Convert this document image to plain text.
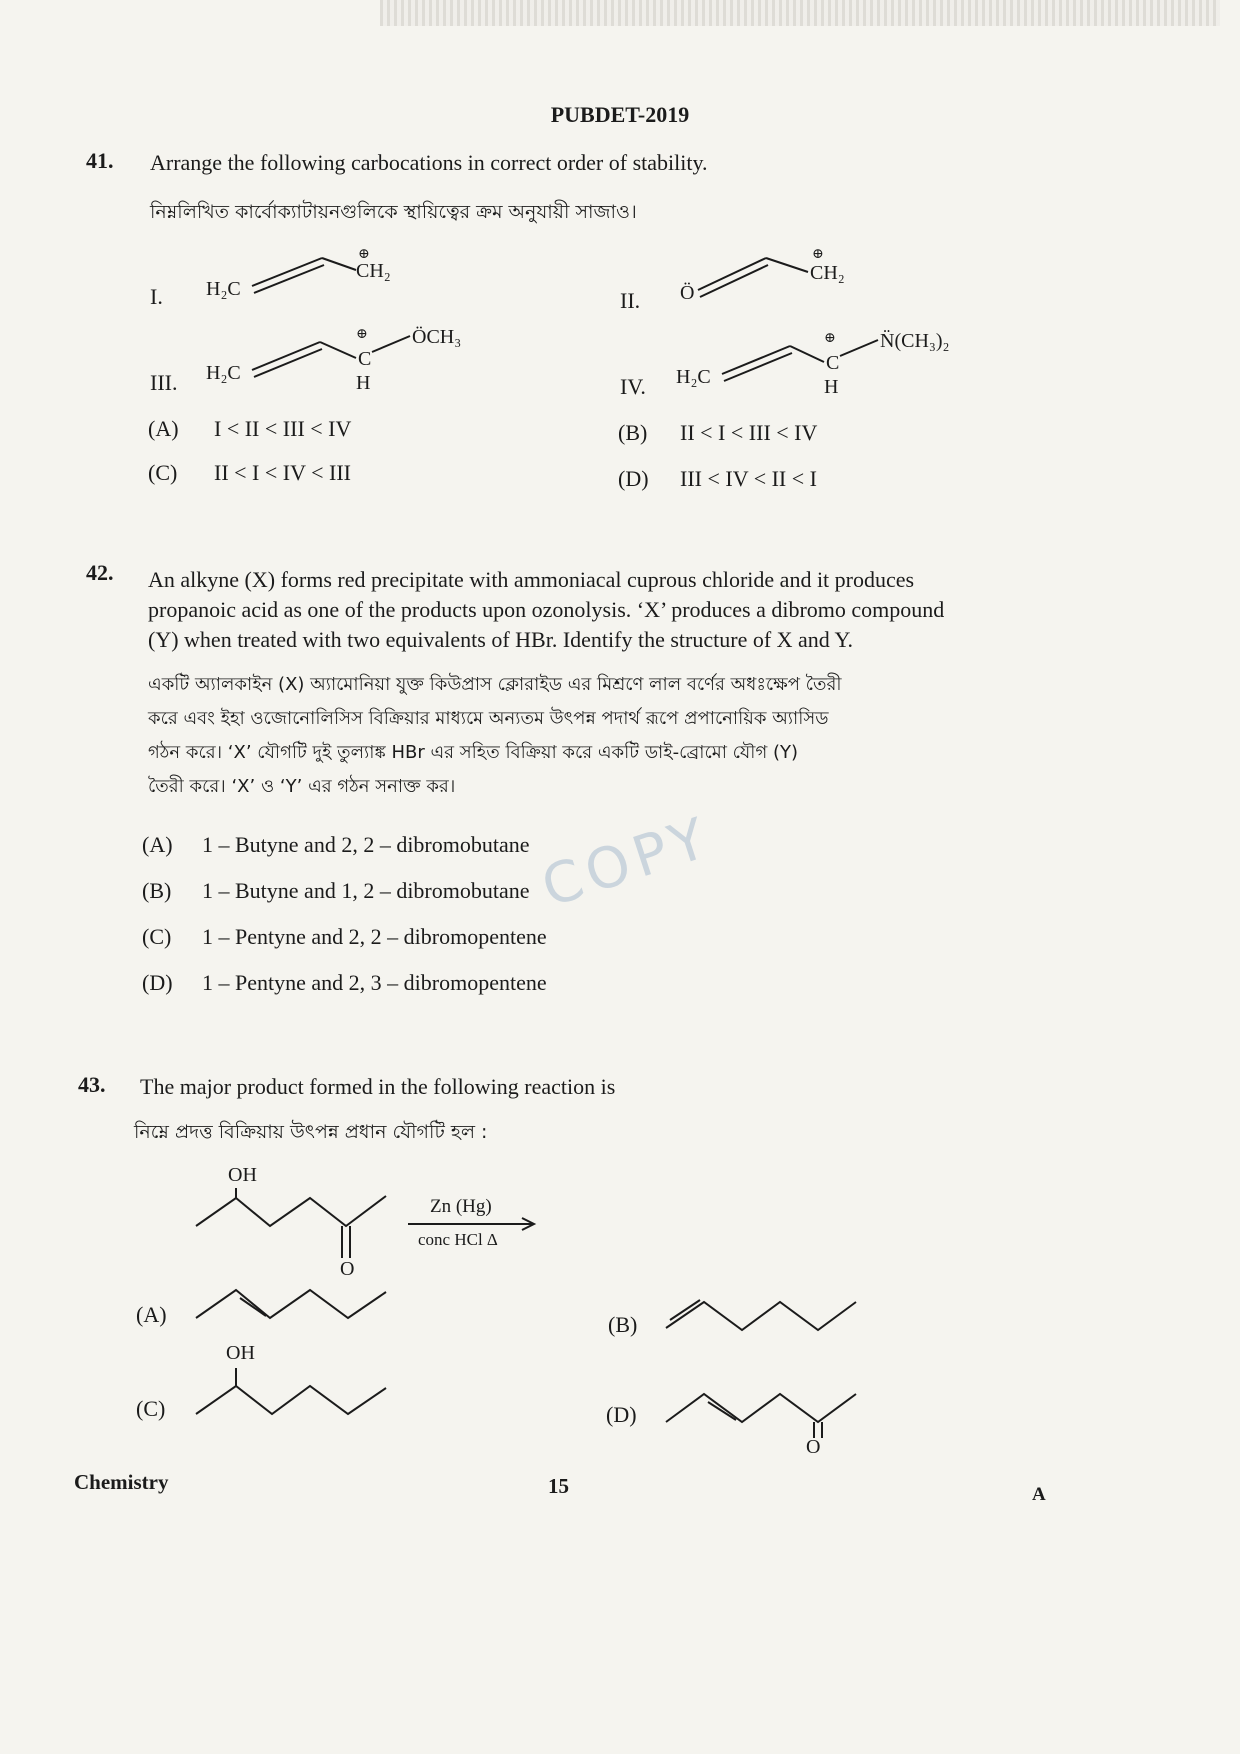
PUBDET-2019
41. Arrange the following carbocations in correct order of stability.
নিম্নলিখিত কার্বোক্যাটায়নগুলিকে স্থায়িত্বের ক্রম অনুযায়ী সাজাও।
I. H₂C
⊕
CH₂
II. Ö
⊕
CH₂
III. H₂C
⊕
C
H
ÖCH₃
IV. H₂C
⊕
C
H
N̈(CH₃)₂
(A) I < II < III < IV	(B) II < I < III < IV
(C) II < I < IV < III	(D) III < IV < II < I
42. An alkyne (X) forms red precipitate with ammoniacal cuprous chloride and it produces
propanoic acid as one of the products upon ozonolysis. ‘X’ produces a dibromo compound
(Y) when treated with two equivalents of HBr. Identify the structure of X and Y.
একটি অ্যালকাইন (X) অ্যামোনিয়া যুক্ত কিউপ্রাস ক্লোরাইড এর মিশ্রণে লাল বর্ণের অধঃক্ষেপ তৈরী
করে এবং ইহা ওজোনোলিসিস বিক্রিয়ার মাধ্যমে অন্যতম উৎপন্ন পদার্থ রূপে প্রপানোয়িক অ্যাসিড
গঠন করে। ‘X’ যৌগটি দুই তুল্যাঙ্ক HBr এর সহিত বিক্রিয়া করে একটি ডাই-ব্রোমো যৌগ (Y)
তৈরী করে। ‘X’ ও ‘Y’ এর গঠন সনাক্ত কর।
(A) 1 – Butyne and 2, 2 – dibromobutane
(B) 1 – Butyne and 1, 2 – dibromobutane
(C) 1 – Pentyne and 2, 2 – dibromopentene
(D) 1 – Pentyne and 2, 3 – dibromopentene
COPY
43. The major product formed in the following reaction is
নিম্নে প্রদত্ত বিক্রিয়ায় উৎপন্ন প্রধান যৌগটি হল :
OH
O
Zn (Hg)
conc HCl Δ
(A)	(B)
OH
(C)	(D)
O
Chemistry	15	A
